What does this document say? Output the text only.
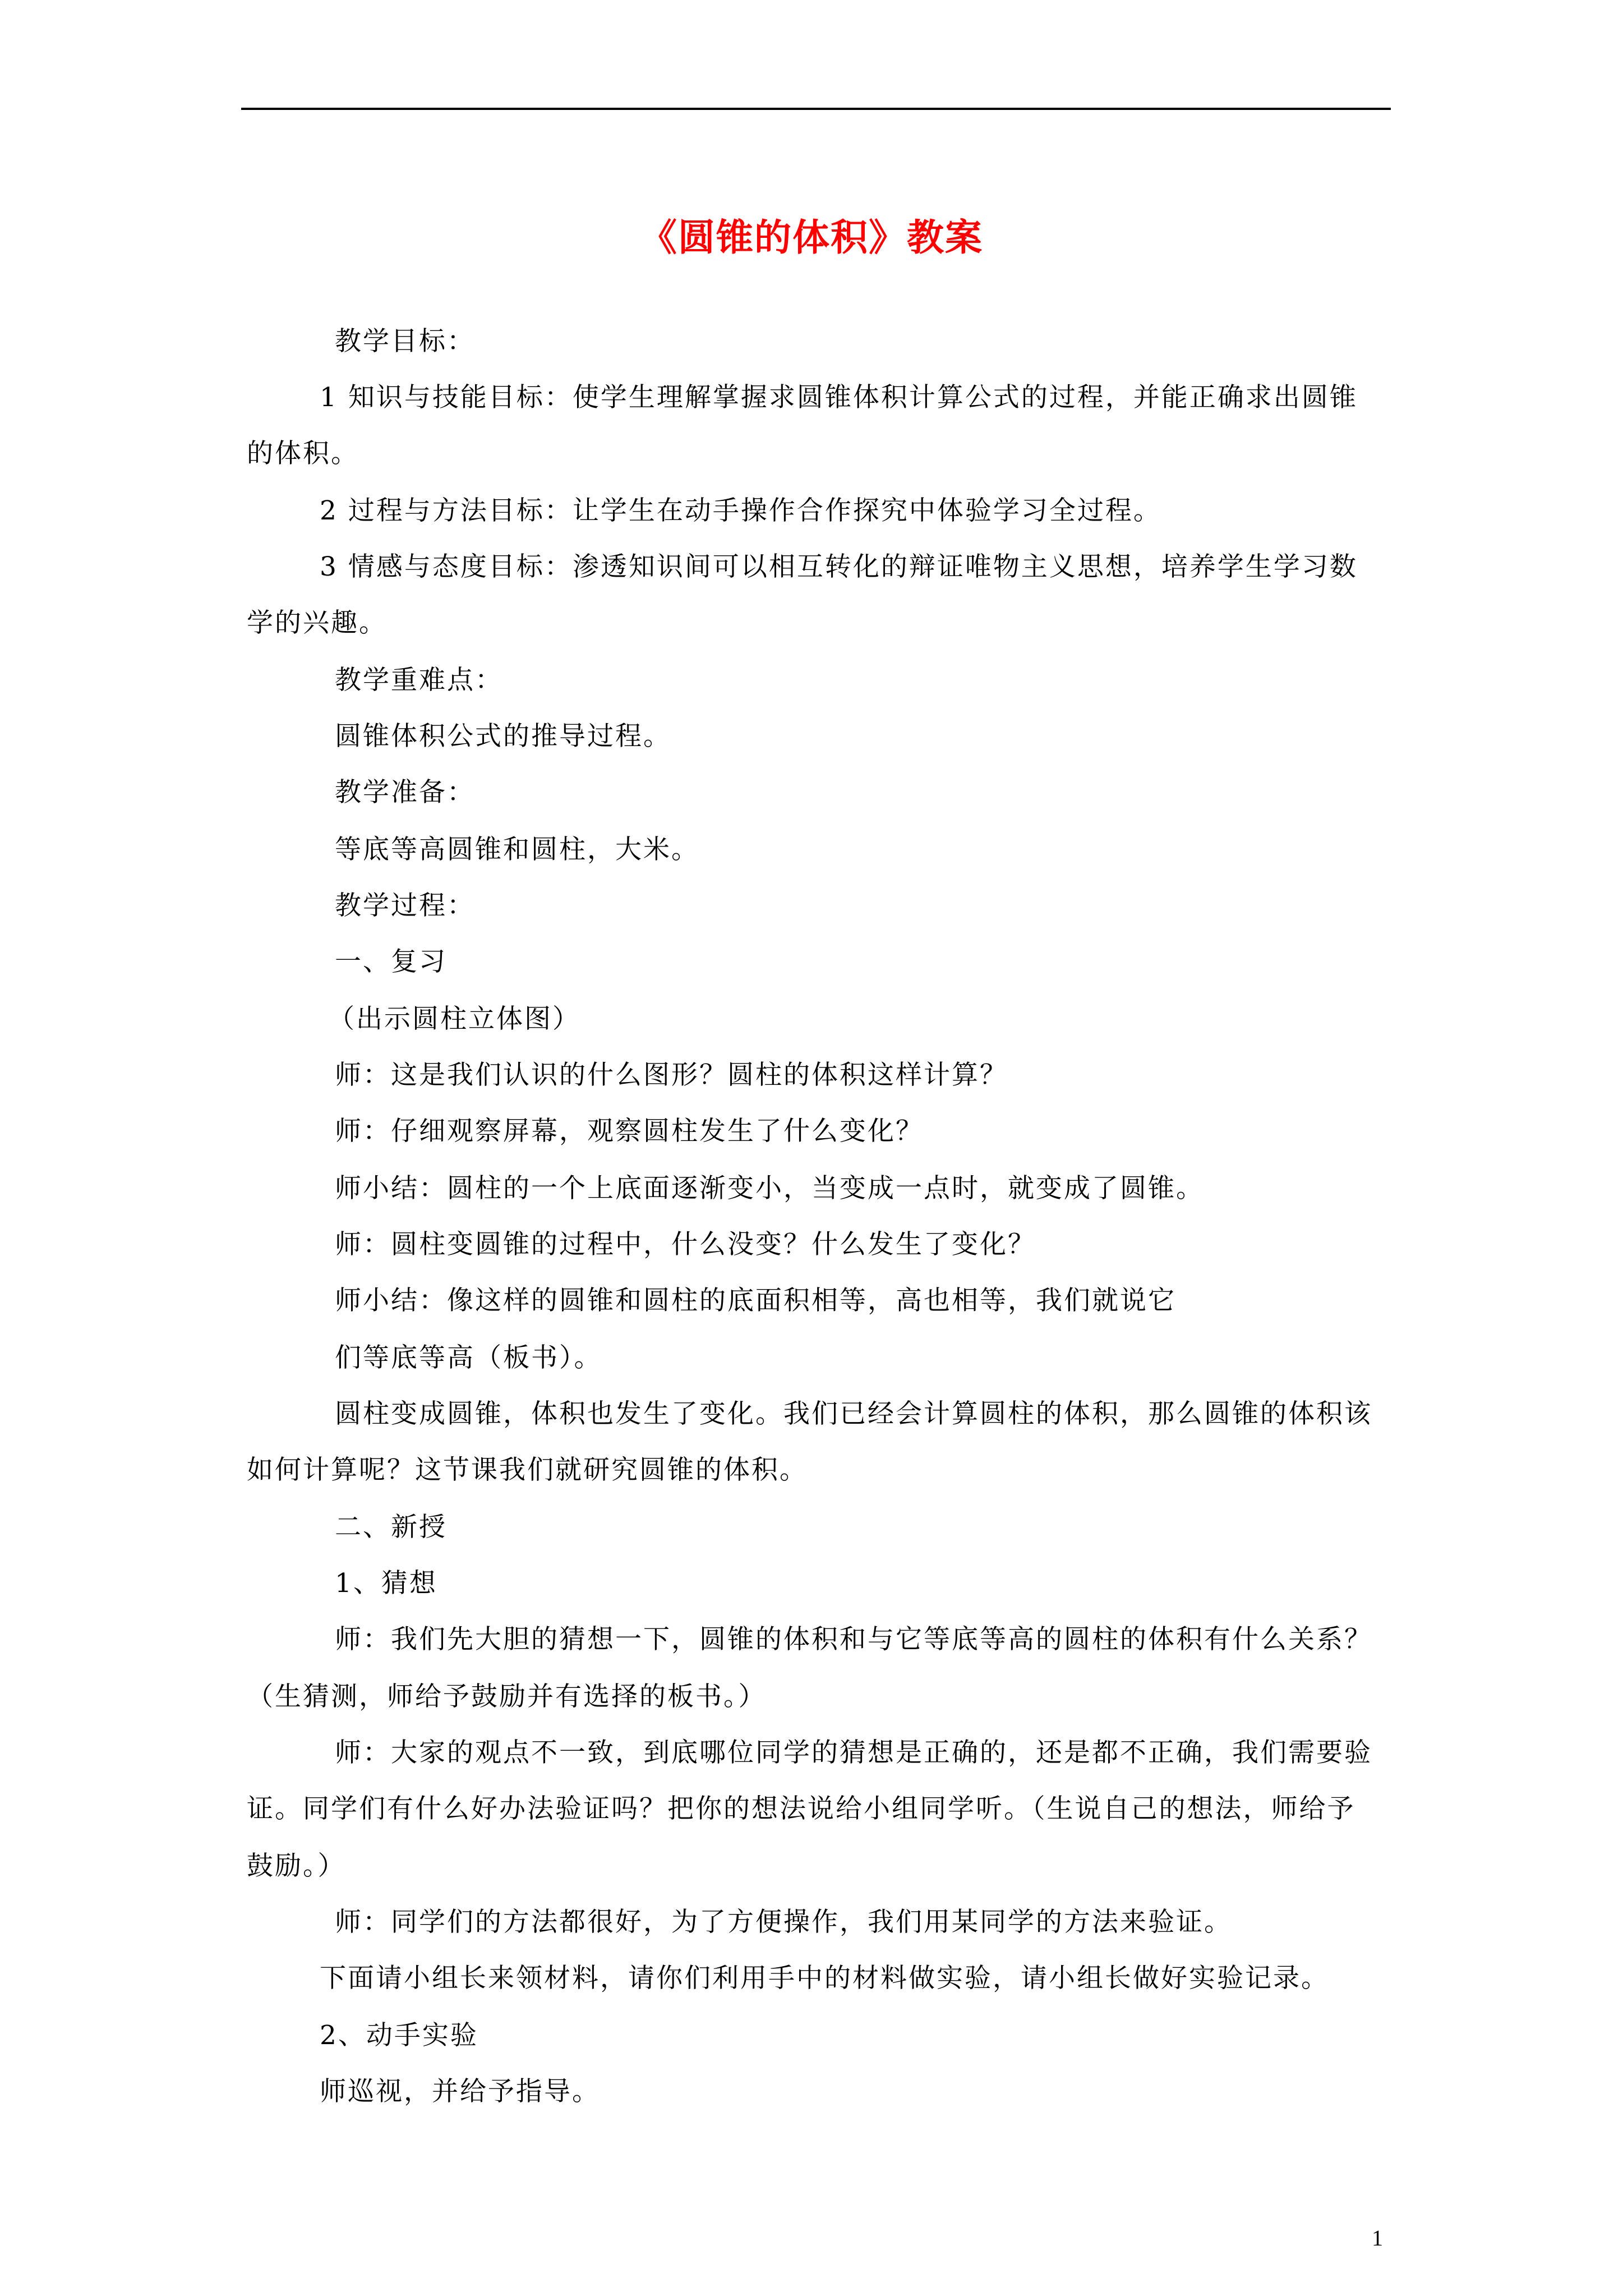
《圆锥的体积》教案
教学目标：
1 知识与技能目标：使学生理解掌握求圆锥体积计算公式的过程，并能正确求出圆锥
的体积。
2 过程与方法目标：让学生在动手操作合作探究中体验学习全过程。
3 情感与态度目标：渗透知识间可以相互转化的辩证唯物主义思想，培养学生学习数
学的兴趣。
教学重难点：
圆锥体积公式的推导过程。
教学准备：
等底等高圆锥和圆柱，大米。
教学过程：
一、复习
（出示圆柱立体图）
师：这是我们认识的什么图形？圆柱的体积这样计算？
师：仔细观察屏幕，观察圆柱发生了什么变化？
师小结：圆柱的一个上底面逐渐变小，当变成一点时，就变成了圆锥。
师：圆柱变圆锥的过程中，什么没变？什么发生了变化？
师小结：像这样的圆锥和圆柱的底面积相等，高也相等，我们就说它
们等底等高（板书）。
圆柱变成圆锥，体积也发生了变化。我们已经会计算圆柱的体积，那么圆锥的体积该
如何计算呢？这节课我们就研究圆锥的体积。
二、新授
1、猜想
师：我们先大胆的猜想一下，圆锥的体积和与它等底等高的圆柱的体积有什么关系？
（生猜测，师给予鼓励并有选择的板书。）
师：大家的观点不一致，到底哪位同学的猜想是正确的，还是都不正确，我们需要验
证。同学们有什么好办法验证吗？把你的想法说给小组同学听。（生说自己的想法，师给予
鼓励。）
师：同学们的方法都很好，为了方便操作，我们用某同学的方法来验证。
下面请小组长来领材料，请你们利用手中的材料做实验，请小组长做好实验记录。
2、动手实验
师巡视，并给予指导。
1
